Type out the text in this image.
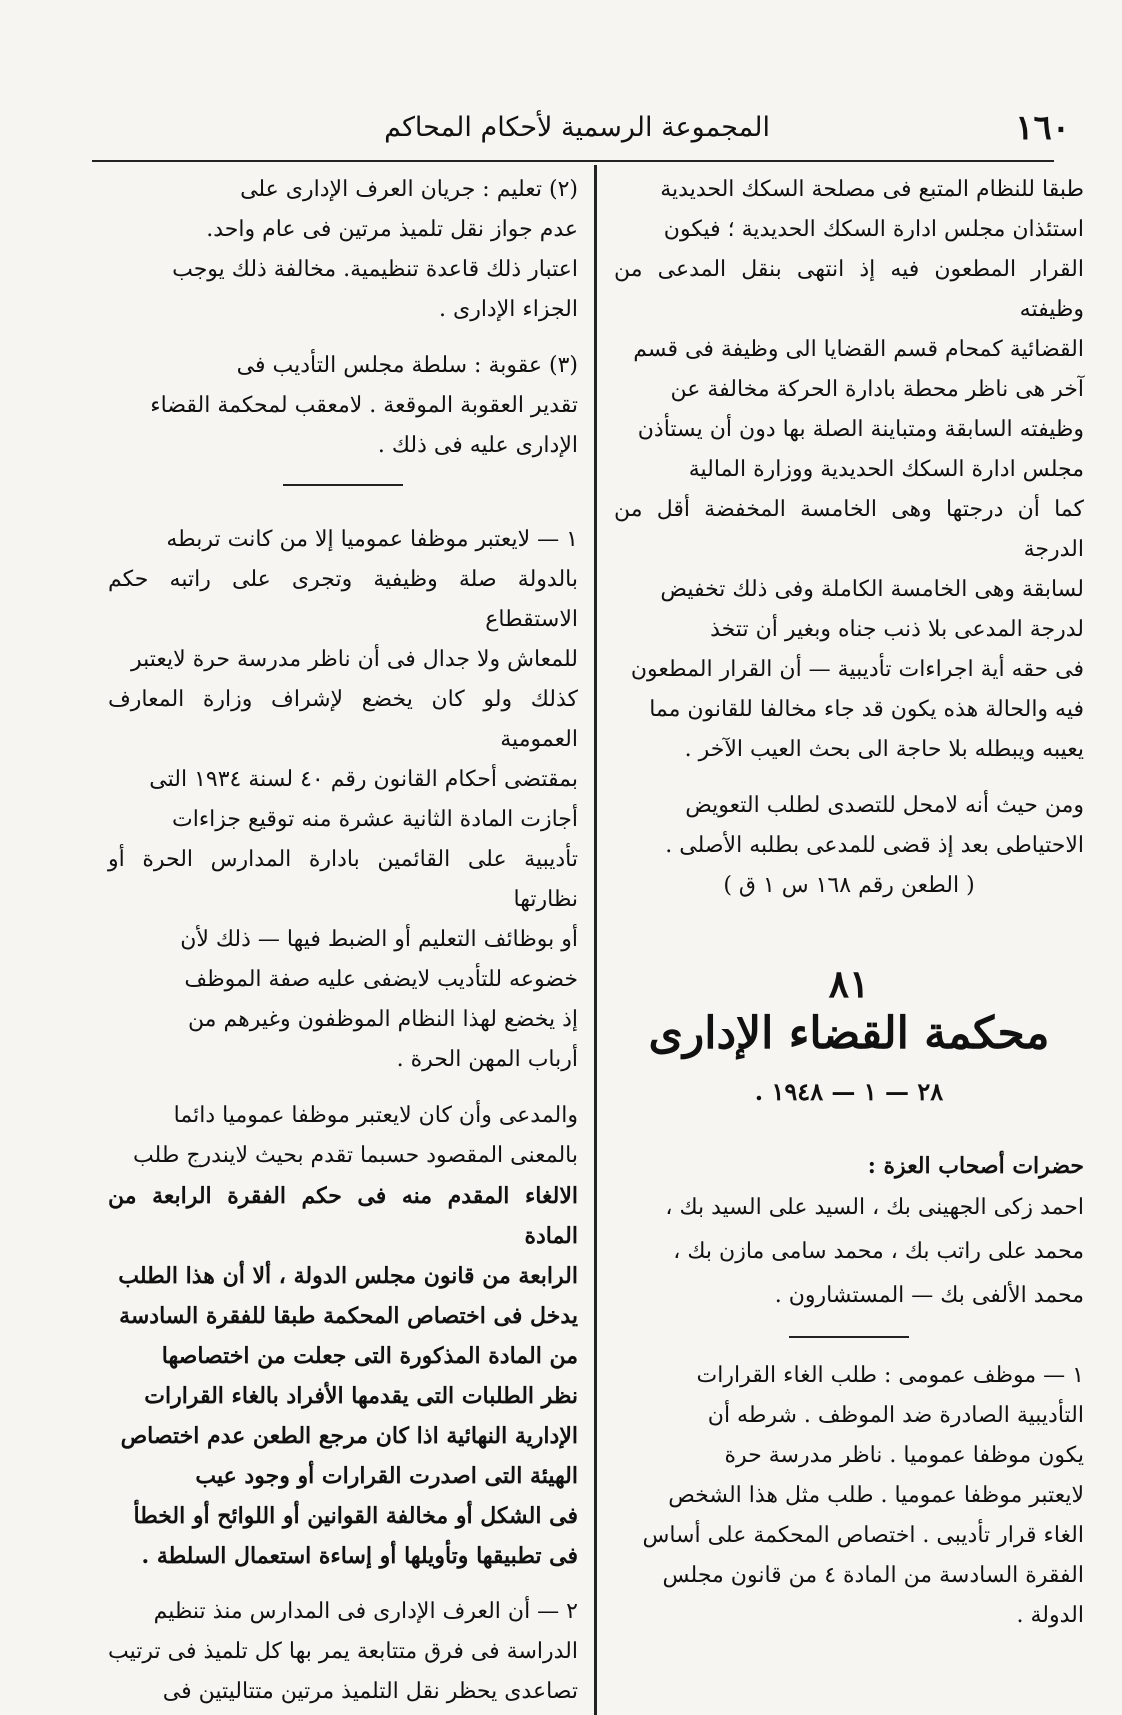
١٦٠
المجموعة الرسمية لأحكام المحاكم

طبقا للنظام المتبع فى مصلحة السكك الحديدية

استئذان مجلس ادارة السكك الحديدية ؛ فيكون

القرار المطعون فيه إذ انتهى بنقل المدعى من وظيفته

القضائية كمحام قسم القضايا الى وظيفة فى قسم

آخر هى ناظر محطة بادارة الحركة مخالفة عن

وظيفته السابقة ومتباينة الصلة بها دون أن يستأذن

مجلس ادارة السكك الحديدية ووزارة المالية

كما أن درجتها وهى الخامسة المخفضة أقل من الدرجة

لسابقة وهى الخامسة الكاملة وفى ذلك تخفيض

لدرجة المدعى بلا ذنب جناه وبغير أن تتخذ

فى حقه أية اجراءات تأديبية — أن القرار المطعون

فيه والحالة هذه يكون قد جاء مخالفا للقانون مما

يعيبه ويبطله بلا حاجة الى بحث العيب الآخر .

ومن حيث أنه لامحل للتصدى لطلب التعويض

الاحتياطى بعد إذ قضى للمدعى بطلبه الأصلى .

( الطعن رقم ١٦٨ س ١ ق )

٨١
محكمة القضاء الإدارى
٢٨ — ١ — ١٩٤٨ .

حضرات أصحاب العزة :

احمد زكى الجهينى بك ، السيد على السيد بك ،

محمد على راتب بك ، محمد سامى مازن بك ،

محمد الألفى بك — المستشارون .

١ — موظف عمومى : طلب الغاء القرارات

التأديبية الصادرة ضد الموظف . شرطه أن

يكون موظفا عموميا . ناظر مدرسة حرة

لايعتبر موظفا عموميا . طلب مثل هذا الشخص

الغاء قرار تأديبى . اختصاص المحكمة على أساس

الفقرة السادسة من المادة ٤ من قانون مجلس

الدولة .

(٢) تعليم : جريان العرف الإدارى على

عدم جواز نقل تلميذ مرتين فى عام واحد.

اعتبار ذلك قاعدة تنظيمية. مخالفة ذلك يوجب

الجزاء الإدارى .

(٣) عقوبة : سلطة مجلس التأديب فى

تقدير العقوبة الموقعة . لامعقب لمحكمة القضاء

الإدارى عليه فى ذلك .

١ — لايعتبر موظفا عموميا إلا من كانت تربطه

بالدولة صلة وظيفية وتجرى على راتبه حكم الاستقطاع

للمعاش ولا جدال فى أن ناظر مدرسة حرة لايعتبر

كذلك ولو كان يخضع لإشراف وزارة المعارف العمومية

بمقتضى أحكام القانون رقم ٤٠ لسنة ١٩٣٤ التى

أجازت المادة الثانية عشرة منه توقيع جزاءات

تأديبية على القائمين بادارة المدارس الحرة أو نظارتها

أو بوظائف التعليم أو الضبط فيها — ذلك لأن

خضوعه للتأديب لايضفى عليه صفة الموظف

إذ يخضع لهذا النظام الموظفون وغيرهم من

أرباب المهن الحرة .

والمدعى وأن كان لايعتبر موظفا عموميا دائما

بالمعنى المقصود حسبما تقدم بحيث لايندرج طلب

الالغاء المقدم منه فى حكم الفقرة الرابعة من المادة

الرابعة من قانون مجلس الدولة ، ألا أن هذا الطلب

يدخل فى اختصاص المحكمة طبقا للفقرة السادسة

من المادة المذكورة التى جعلت من اختصاصها

نظر الطلبات التى يقدمها الأفراد بالغاء القرارات

الإدارية النهائية اذا كان مرجع الطعن عدم اختصاص

الهيئة التى اصدرت القرارات أو وجود عيب

فى الشكل أو مخالفة القوانين أو اللوائح أو الخطأ

فى تطبيقها وتأويلها أو إساءة استعمال السلطة .

٢ — أن العرف الإدارى فى المدارس منذ تنظيم

الدراسة فى فرق متتابعة يمر بها كل تلميذ فى ترتيب

تصاعدى يحظر نقل التلميذ مرتين متتاليتين فى
